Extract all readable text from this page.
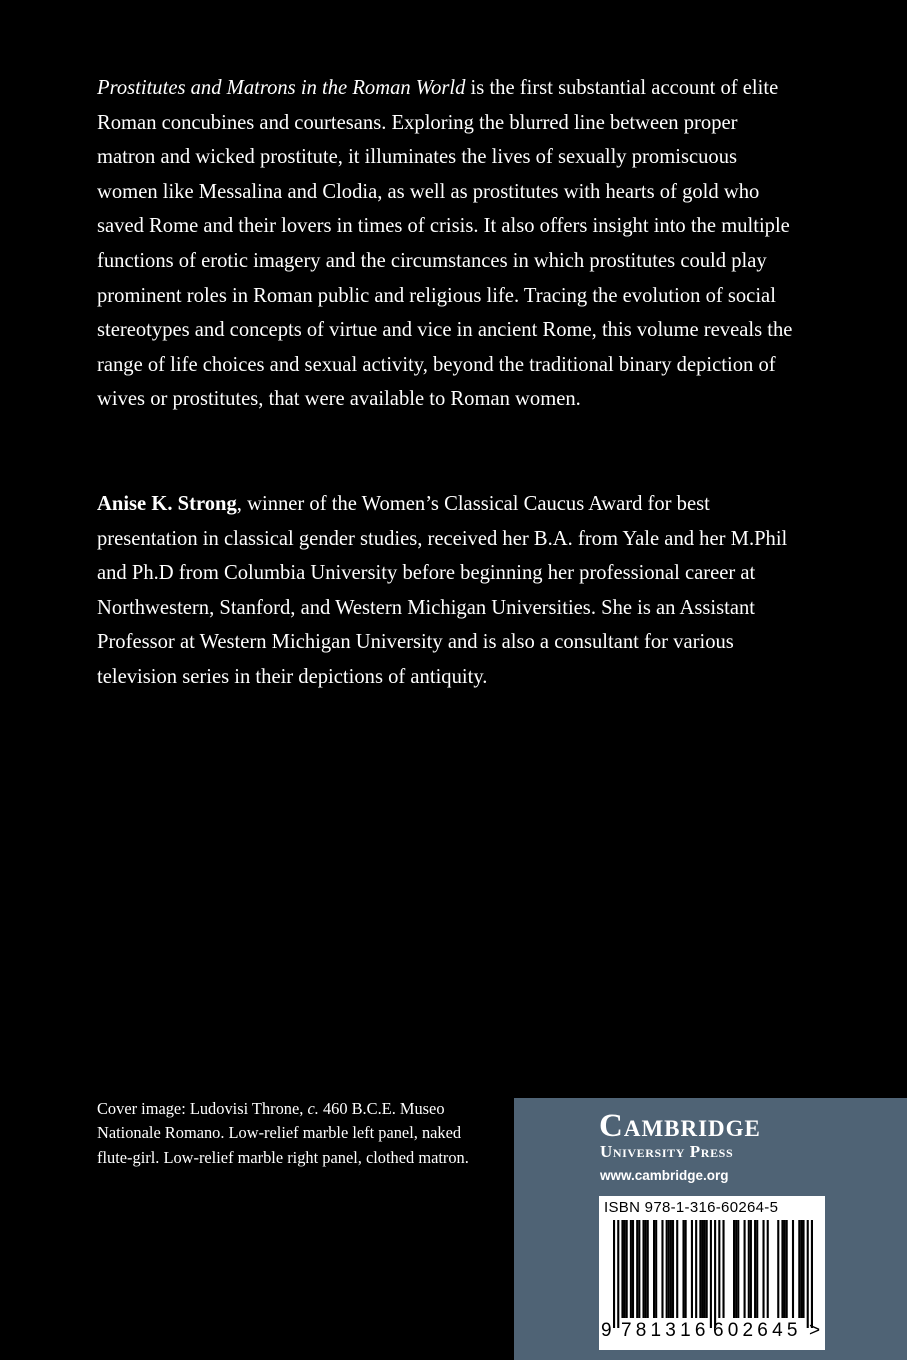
Prostitutes and Matrons in the Roman World is the first substantial account of elite Roman concubines and courtesans. Exploring the blurred line between proper matron and wicked prostitute, it illuminates the lives of sexually promiscuous women like Messalina and Clodia, as well as prostitutes with hearts of gold who saved Rome and their lovers in times of crisis. It also offers insight into the multiple functions of erotic imagery and the circumstances in which prostitutes could play prominent roles in Roman public and religious life. Tracing the evolution of social stereotypes and concepts of virtue and vice in ancient Rome, this volume reveals the range of life choices and sexual activity, beyond the traditional binary depiction of wives or prostitutes, that were available to Roman women.

Anise K. Strong, winner of the Women’s Classical Caucus Award for best presentation in classical gender studies, received her B.A. from Yale and her M.Phil and Ph.D from Columbia University before beginning her professional career at Northwestern, Stanford, and Western Michigan Universities. She is an Assistant Professor at Western Michigan University and is also a consultant for various television series in their depictions of antiquity.

Cover image: Ludovisi Throne, c. 460 B.C.E. Museo Nationale Romano. Low-relief marble left panel, naked flute-girl. Low-relief marble right panel, clothed matron.

Cambridge
University Press
www.cambridge.org
ISBN 978-1-316-60264-5
9 781316 602645 >
